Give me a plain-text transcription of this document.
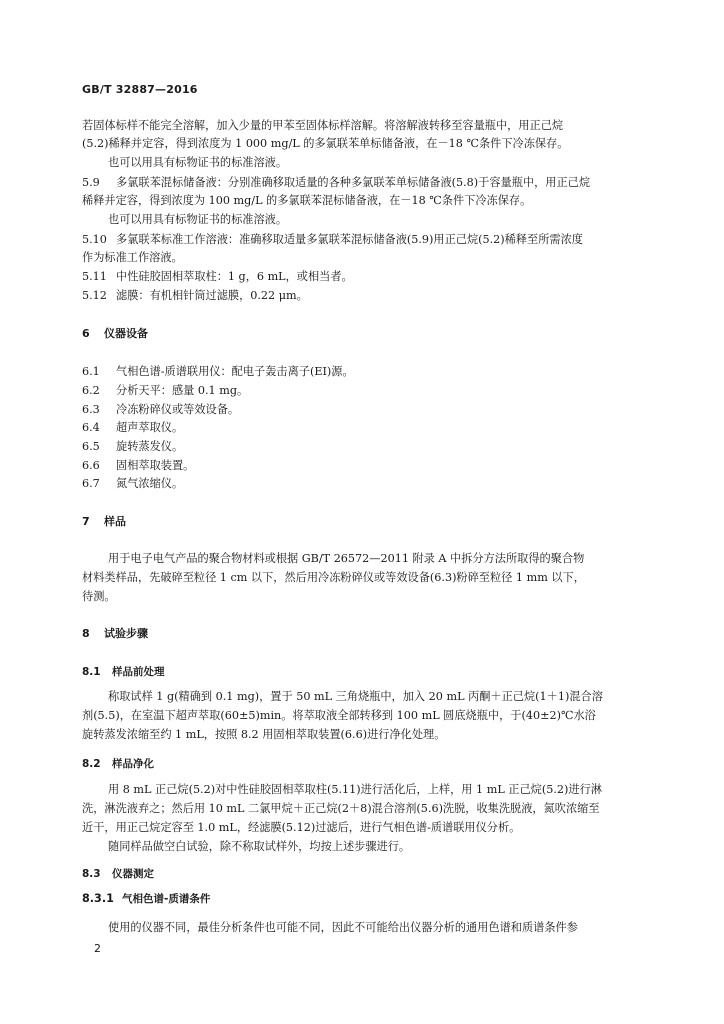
GB/T 32887—2016
若固体标样不能完全溶解，加入少量的甲苯至固体标样溶解。将溶解液转移至容量瓶中，用正己烷
(5.2)稀释并定容，得到浓度为 1 000 mg/L 的多氯联苯单标储备液，在－18 ℃条件下冷冻保存。
也可以用具有标物证书的标准溶液。
5.9 多氯联苯混标储备液：分别准确移取适量的各种多氯联苯单标储备液(5.8)于容量瓶中，用正己烷
稀释并定容，得到浓度为 100 mg/L 的多氯联苯混标储备液，在－18 ℃条件下冷冻保存。
也可以用具有标物证书的标准溶液。
5.10 多氯联苯标准工作溶液：准确移取适量多氯联苯混标储备液(5.9)用正己烷(5.2)稀释至所需浓度
作为标准工作溶液。
5.11 中性硅胶固相萃取柱：1 g，6 mL，或相当者。
5.12 滤膜：有机相针筒过滤膜，0.22 μm。
6 仪器设备
6.1 气相色谱-质谱联用仪：配电子轰击离子(EI)源。
6.2 分析天平：感量 0.1 mg。
6.3 冷冻粉碎仪或等效设备。
6.4 超声萃取仪。
6.5 旋转蒸发仪。
6.6 固相萃取装置。
6.7 氮气浓缩仪。
7 样品
用于电子电气产品的聚合物材料或根据 GB/T 26572—2011 附录 A 中拆分方法所取得的聚合物
材料类样品，先破碎至粒径 1 cm 以下，然后用冷冻粉碎仪或等效设备(6.3)粉碎至粒径 1 mm 以下，
待测。
8 试验步骤
8.1 样品前处理
称取试样 1 g(精确到 0.1 mg)，置于 50 mL 三角烧瓶中，加入 20 mL 丙酮＋正己烷(1＋1)混合溶
剂(5.5)，在室温下超声萃取(60±5)min。将萃取液全部转移到 100 mL 圆底烧瓶中，于(40±2)℃水浴
旋转蒸发浓缩至约 1 mL，按照 8.2 用固相萃取装置(6.6)进行净化处理。
8.2 样品净化
用 8 mL 正己烷(5.2)对中性硅胶固相萃取柱(5.11)进行活化后，上样，用 1 mL 正己烷(5.2)进行淋
洗，淋洗液弃之；然后用 10 mL 二氯甲烷＋正己烷(2＋8)混合溶剂(5.6)洗脱，收集洗脱液，氮吹浓缩至
近干，用正己烷定容至 1.0 mL，经滤膜(5.12)过滤后，进行气相色谱-质谱联用仪分析。
随同样品做空白试验，除不称取试样外，均按上述步骤进行。
8.3 仪器测定
8.3.1 气相色谱-质谱条件
使用的仪器不同，最佳分析条件也可能不同，因此不可能给出仪器分析的通用色谱和质谱条件参
2
